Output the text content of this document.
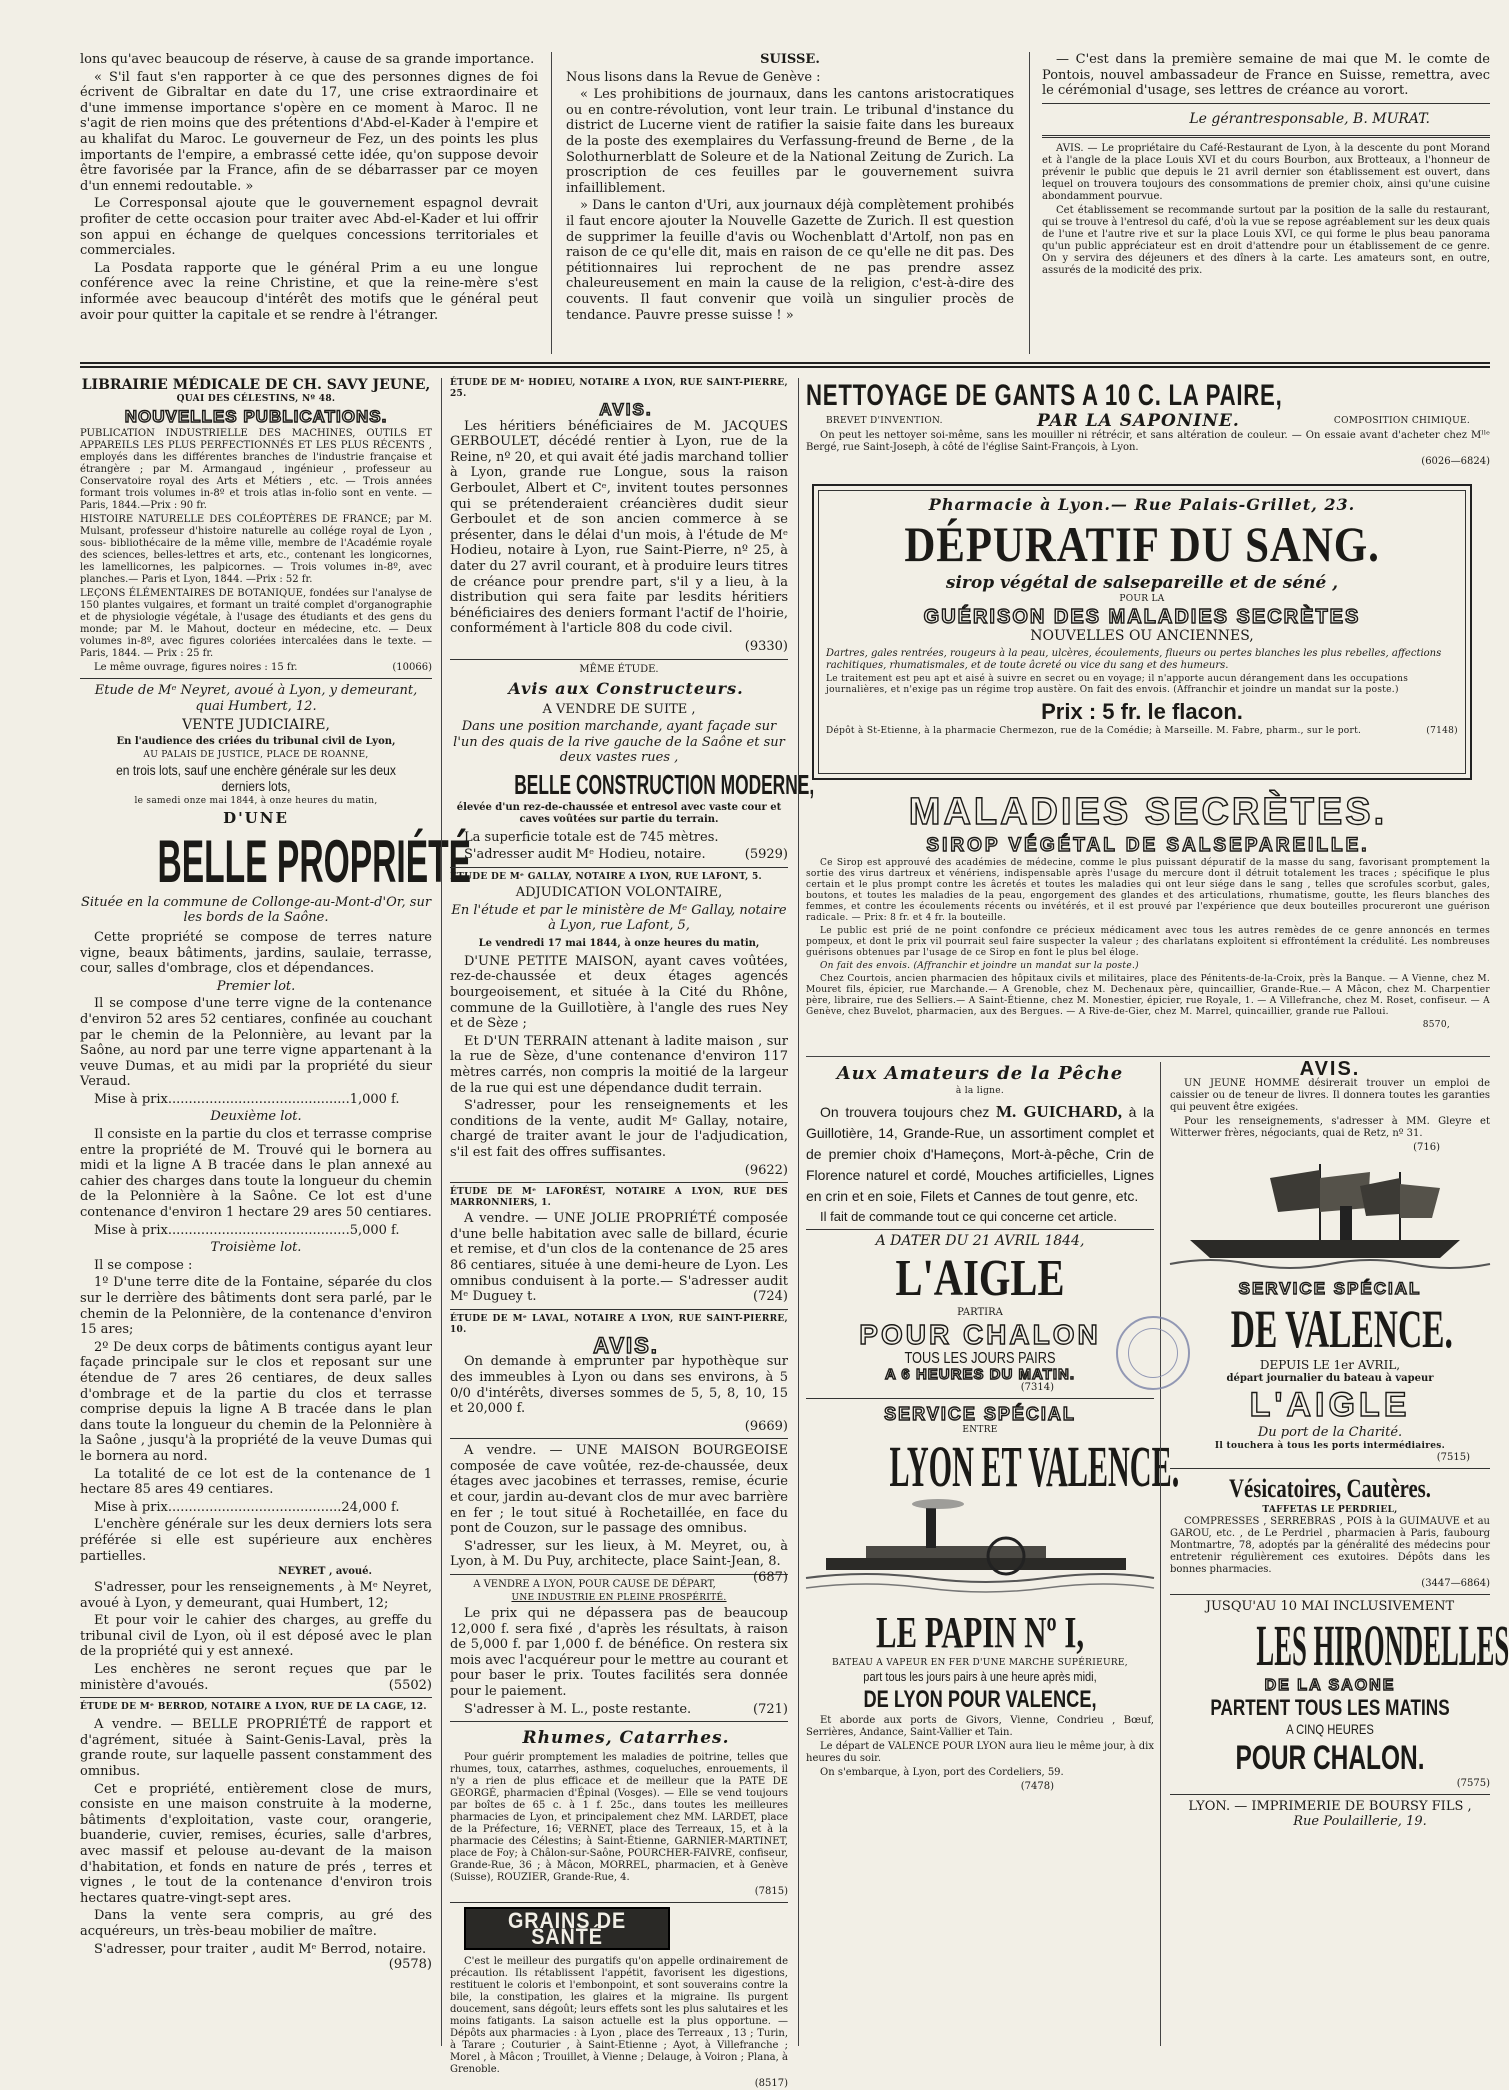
lons qu'avec beaucoup de réserve, à cause de sa grande importance.

« S'il faut s'en rapporter à ce que des personnes dignes de foi écrivent de Gibraltar en date du 17, une crise extraordinaire et d'une immense importance s'opère en ce moment à Maroc. Il ne s'agit de rien moins que des prétentions d'Abd-el-Kader à l'empire et au khalifat du Maroc. Le gouverneur de Fez, un des points les plus importants de l'empire, a embrassé cette idée, qu'on suppose devoir être favorisée par la France, afin de se débarrasser par ce moyen d'un ennemi redoutable. »

Le Corresponsal ajoute que le gouvernement espagnol devrait profiter de cette occasion pour traiter avec Abd-el-Kader et lui offrir son appui en échange de quelques concessions territoriales et commerciales.

La Posdata rapporte que le général Prim a eu une longue conférence avec la reine Christine, et que la reine-mère s'est informée avec beaucoup d'intérêt des motifs que le général peut avoir pour quitter la capitale et se rendre à l'étranger.

SUISSE.

Nous lisons dans la Revue de Genève :

« Les prohibitions de journaux, dans les cantons aristocratiques ou en contre-révolution, vont leur train. Le tribunal d'instance du district de Lucerne vient de ratifier la saisie faite dans les bureaux de la poste des exemplaires du Verfassung-freund de Berne , de la Solothurnerblatt de Soleure et de la National Zeitung de Zurich. La proscription de ces feuilles par le gouvernement suivra infailliblement.

» Dans le canton d'Uri, aux journaux déjà complètement prohibés il faut encore ajouter la Nouvelle Gazette de Zurich. Il est question de supprimer la feuille d'avis ou Wochenblatt d'Artolf, non pas en raison de ce qu'elle dit, mais en raison de ce qu'elle ne dit pas. Des pétitionnaires lui reprochent de ne pas prendre assez chaleureusement en main la cause de la religion, c'est-à-dire des couvents. Il faut convenir que voilà un singulier procès de tendance. Pauvre presse suisse ! »

— C'est dans la première semaine de mai que M. le comte de Pontois, nouvel ambassadeur de France en Suisse, remettra, avec le cérémonial d'usage, ses lettres de créance au vorort.

Le gérantresponsable, B. MURAT.

AVIS. — Le propriétaire du Café-Restaurant de Lyon, à la descente du pont Morand et à l'angle de la place Louis XVI et du cours Bourbon, aux Brotteaux, a l'honneur de prévenir le public que depuis le 21 avril dernier son établissement est ouvert, dans lequel on trouvera toujours des consommations de premier choix, ainsi qu'une cuisine abondamment pourvue.

Cet établissement se recommande surtout par la position de la salle du restaurant, qui se trouve à l'entresol du café, d'où la vue se repose agréablement sur les deux quais de l'une et l'autre rive et sur la place Louis XVI, ce qui forme le plus beau panorama qu'un public appréciateur est en droit d'attendre pour un établissement de ce genre. On y servira des déjeuners et des dîners à la carte. Les amateurs sont, en outre, assurés de la modicité des prix.

LIBRAIRIE MÉDICALE DE CH. SAVY JEUNE,
QUAI DES CÉLESTINS, Nº 48.
NOUVELLES PUBLICATIONS.

PUBLICATION INDUSTRIELLE DES MACHINES, OUTILS ET APPAREILS LES PLUS PERFECTIONNÉS ET LES PLUS RÉCENTS , employés dans les différentes branches de l'industrie française et étrangère ; par M. Armangaud , ingénieur , professeur au Conservatoire royal des Arts et Métiers , etc. — Trois années formant trois volumes in-8º et trois atlas in-folio sont en vente. — Paris, 1844.—Prix : 90 fr.

HISTOIRE NATURELLE DES COLÉOPTÈRES DE FRANCE; par M. Mulsant, professeur d'histoire naturelle au collége royal de Lyon , sous- bibliothécaire de la même ville, membre de l'Académie royale des sciences, belles-lettres et arts, etc., contenant les longicornes, les lamellicornes, les palpicornes. — Trois volumes in-8º, avec planches.— Paris et Lyon, 1844. —Prix : 52 fr.

LEÇONS ÉLÉMENTAIRES DE BOTANIQUE, fondées sur l'analyse de 150 plantes vulgaires, et formant un traité complet d'organographie et de physiologie végétale, à l'usage des étudiants et des gens du monde; par M. le Mahout, docteur en médecine, etc. — Deux volumes in-8º, avec figures coloriées intercalées dans le texte. — Paris, 1844. — Prix : 25 fr.

Le même ouvrage, figures noires : 15 fr.	(10066)

Etude de Mᵉ Neyret, avoué à Lyon, y demeurant, quai Humbert, 12.

VENTE JUDICIAIRE,

En l'audience des criées du tribunal civil de Lyon,

AU PALAIS DE JUSTICE, PLACE DE ROANNE,

en trois lots, sauf une enchère générale sur les deux derniers lots,

le samedi onze mai 1844, à onze heures du matin,

D'UNE

BELLE PROPRIÉTÉ

Située en la commune de Collonge-au-Mont-d'Or, sur les bords de la Saône.

Cette propriété se compose de terres nature vigne, beaux bâtiments, jardins, saulaie, terrasse, cour, salles d'ombrage, clos et dépendances.

Premier lot.

Il se compose d'une terre vigne de la contenance d'environ 52 ares 52 centiares, confinée au couchant par le chemin de la Pelonnière, au levant par la Saône, au nord par une terre vigne appartenant à la veuve Dumas, et au midi par la propriété du sieur Veraud.

Mise à prix............................................1,000 f.

Deuxième lot.

Il consiste en la partie du clos et terrasse comprise entre la propriété de M. Trouvé qui le bornera au midi et la ligne A B tracée dans le plan annexé au cahier des charges dans toute la longueur du chemin de la Pelonnière à la Saône. Ce lot est d'une contenance d'environ 1 hectare 29 ares 50 centiares.

Mise à prix............................................5,000 f.

Troisième lot.

Il se compose :

1º D'une terre dite de la Fontaine, séparée du clos sur le derrière des bâtiments dont sera parlé, par le chemin de la Pelonnière, de la contenance d'environ 15 ares;

2º De deux corps de bâtiments contigus ayant leur façade principale sur le clos et reposant sur une étendue de 7 ares 26 centiares, de deux salles d'ombrage et de la partie du clos et terrasse comprise depuis la ligne A B tracée dans le plan dans toute la longueur du chemin de la Pelonnière à la Saône , jusqu'à la propriété de la veuve Dumas qui le bornera au nord.

La totalité de ce lot est de la contenance de 1 hectare 85 ares 49 centiares.

Mise à prix..........................................24,000 f.

L'enchère générale sur les deux derniers lots sera préférée si elle est supérieure aux enchères partielles.

NEYRET , avoué.

S'adresser, pour les renseignements , à Mᵉ Neyret, avoué à Lyon, y demeurant, quai Humbert, 12;

Et pour voir le cahier des charges, au greffe du tribunal civil de Lyon, où il est déposé avec le plan de la propriété qui y est annexé.

Les enchères ne seront reçues que par le ministère d'avoués.	(5502)

ÉTUDE DE Mᵉ BERROD, NOTAIRE A LYON, RUE DE LA CAGE, 12.

A vendre. — BELLE PROPRIÉTÉ de rapport et d'agrément, située à Saint-Genis-Laval, près la grande route, sur laquelle passent constamment des omnibus.

Cet e propriété, entièrement close de murs, consiste en une maison construite à la moderne, bâtiments d'exploitation, vaste cour, orangerie, buanderie, cuvier, remises, écuries, salle d'arbres, avec massif et pelouse au-devant de la maison d'habitation, et fonds en nature de prés , terres et vignes , le tout de la contenance d'environ trois hectares quatre-vingt-sept ares.

Dans la vente sera compris, au gré des acquéreurs, un très-beau mobilier de maître.

S'adresser, pour traiter , audit Mᵉ Berrod, notaire.
(9578)

ÉTUDE DE Mᵉ HODIEU, NOTAIRE A LYON, RUE SAINT-PIERRE, 25.

AVIS.

Les héritiers bénéficiaires de M. JACQUES GERBOULET, décédé rentier à Lyon, rue de la Reine, nº 20, et qui avait été jadis marchand tollier à Lyon, grande rue Longue, sous la raison Gerboulet, Albert et Cᵉ, invitent toutes personnes qui se prétenderaient créancières dudit sieur Gerboulet et de son ancien commerce à se présenter, dans le délai d'un mois, à l'étude de Mᵉ Hodieu, notaire à Lyon, rue Saint-Pierre, nº 25, à dater du 27 avril courant, et à produire leurs titres de créance pour prendre part, s'il y a lieu, à la distribution qui sera faite par lesdits héritiers bénéficiaires des deniers formant l'actif de l'hoirie, conformément à l'article 808 du code civil.

(9330)

MÊME ÉTUDE.

Avis aux Constructeurs.

A VENDRE DE SUITE ,

Dans une position marchande, ayant façade sur l'un des quais de la rive gauche de la Saône et sur deux vastes rues ,

BELLE CONSTRUCTION MODERNE,

élevée d'un rez-de-chaussée et entresol avec vaste cour et caves voûtées sur partie du terrain.

La superficie totale est de 745 mètres.

S'adresser audit Mᵉ Hodieu, notaire.	(5929)

ÉTUDE DE Mᵉ GALLAY, NOTAIRE A LYON, RUE LAFONT, 5.

ADJUDICATION VOLONTAIRE,

En l'étude et par le ministère de Mᵉ Gallay, notaire à Lyon, rue Lafont, 5,

Le vendredi 17 mai 1844, à onze heures du matin,

D'UNE PETITE MAISON, ayant caves voûtées, rez-de-chaussée et deux étages agencés bourgeoisement, et située à la Cité du Rhône, commune de la Guillotière, à l'angle des rues Ney et de Sèze ;

Et D'UN TERRAIN attenant à ladite maison , sur la rue de Sèze, d'une contenance d'environ 117 mètres carrés, non compris la moitié de la largeur de la rue qui est une dépendance dudit terrain.

S'adresser, pour les renseignements et les conditions de la vente, audit Mᵉ Gallay, notaire, chargé de traiter avant le jour de l'adjudication, s'il est fait des offres suffisantes.

(9622)

ÉTUDE DE Mᵉ LAFORÉST, NOTAIRE A LYON, RUE DES MARRONNIERS, 1.

A vendre. — UNE JOLIE PROPRIÉTÉ composée d'une belle habitation avec salle de billard, écurie et remise, et d'un clos de la contenance de 25 ares 86 centiares, située à une demi-heure de Lyon. Les omnibus conduisent à la porte.— S'adresser audit Mᵉ Duguey t.	(724)

ÉTUDE DE Mᵉ LAVAL, NOTAIRE A LYON, RUE SAINT-PIERRE, 10.

AVIS.

On demande à emprunter par hypothèque sur des immeubles à Lyon ou dans ses environs, à 5 0/0 d'intérêts, diverses sommes de 5, 5, 8, 10, 15 et 20,000 f.

(9669)

A vendre. — UNE MAISON BOURGEOISE composée de cave voûtée, rez-de-chaussée, deux étages avec jacobines et terrasses, remise, écurie et cour, jardin au-devant clos de mur avec barrière en fer ; le tout situé à Rochetaillée, en face du pont de Couzon, sur le passage des omnibus.

S'adresser, sur les lieux, à M. Meyret, ou, à Lyon, à M. Du Puy, architecte, place Saint-Jean, 8.
(687)

A VENDRE A LYON, POUR CAUSE DE DÉPART,

UNE INDUSTRIE EN PLEINE PROSPÉRITÉ.

Le prix qui ne dépassera pas de beaucoup 12,000 f. sera fixé , d'après les résultats, à raison de 5,000 f. par 1,000 f. de bénéfice. On restera six mois avec l'acquéreur pour le mettre au courant et pour baser le prix. Toutes facilités sera donnée pour le paiement.

S'adresser à M. L., poste restante.	(721)

Rhumes, Catarrhes.

Pour guérir promptement les maladies de poitrine, telles que rhumes, toux, catarrhes, asthmes, coqueluches, enrouements, il n'y a rien de plus efficace et de meilleur que la PATE DE GEORGÉ, pharmacien d'Épinal (Vosges). — Elle se vend toujours par boîtes de 65 c. à 1 f. 25c., dans toutes les meilleures pharmacies de Lyon, et principalement chez MM. LARDET, place de la Préfecture, 16; VERNET, place des Terreaux, 15, et à la pharmacie des Célestins; à Saint-Étienne, GARNIER-MARTINET, place de Foy; à Châlon-sur-Saône, POURCHER-FAIVRE, confiseur, Grande-Rue, 36 ; à Mâcon, MORREL, pharmacien, et à Genève (Suisse), ROUZIER, Grande-Rue, 4.

(7815)

GRAINS DE SANTÉ

C'est le meilleur des purgatifs qu'on appelle ordinairement de précaution. Ils rétablissent l'appétit, favorisent les digestions, restituent le coloris et l'embonpoint, et sont souverains contre la bile, la constipation, les glaires et la migraine. Ils purgent doucement, sans dégoût; leurs effets sont les plus salutaires et les moins fatigants. La saison actuelle est la plus opportune. — Dépôts aux pharmacies : à Lyon , place des Terreaux , 13 ; Turin, à Tarare ; Couturier , à Saint-Etienne ; Ayot, à Villefranche ; Morel , à Mâcon ; Trouillet, à Vienne ; Delauge, à Voiron ; Plana, à Grenoble.

(8517)

NETTOYAGE DE GANTS A 10 C. LA PAIRE,
BREVET D'INVENTION.	PAR LA SAPONINE.	COMPOSITION CHIMIQUE.

On peut les nettoyer soi-même, sans les mouiller ni rétrécir, et sans altération de couleur. — On essaie avant d'acheter chez Mˡˡᵉ Bergé, rue Saint-Joseph, à côté de l'église Saint-François, à Lyon.

(6026—6824)

Pharmacie à Lyon.— Rue Palais-Grillet, 23.
DÉPURATIF DU SANG.
sirop végétal de salsepareille et de séné ,
POUR LA
GUÉRISON DES MALADIES SECRÈTES
NOUVELLES OU ANCIENNES,

Dartres, gales rentrées, rougeurs à la peau, ulcères, écoulements, flueurs ou pertes blanches les plus rebelles, affections rachitiques, rhumatismales, et de toute âcreté ou vice du sang et des humeurs.

Le traitement est peu apt et aisé à suivre en secret ou en voyage; il n'apporte aucun dérangement dans les occupations journalières, et n'exige pas un régime trop austère. On fait des envois. (Affranchir et joindre un mandat sur la poste.)

Prix : 5 fr. le flacon.

Dépôt à St-Etienne, à la pharmacie Chermezon, rue de la Comédie; à Marseille. M. Fabre, pharm., sur le port.	(7148)

MALADIES SECRÈTES.
SIROP VÉGÉTAL DE SALSEPAREILLE.

Ce Sirop est approuvé des académies de médecine, comme le plus puissant dépuratif de la masse du sang, favorisant promptement la sortie des virus dartreux et vénériens, indispensable après l'usage du mercure dont il détruit totalement les traces ; spécifique le plus certain et le plus prompt contre les âcretés et toutes les maladies qui ont leur siége dans le sang , telles que scrofules scorbut, gales, boutons, et toutes les maladies de la peau, engorgement des glandes et des articulations, rhumatisme, goutte, les fleurs blanches des femmes, et contre les écoulements récents ou invétérés, et il est prouvé par l'expérience que deux bouteilles procureront une guérison radicale. — Prix: 8 fr. et 4 fr. la bouteille.

Le public est prié de ne point confondre ce précieux médicament avec tous les autres remèdes de ce genre annoncés en termes pompeux, et dont le prix vil pourrait seul faire suspecter la valeur ; des charlatans exploitent si effrontément la crédulité. Les nombreuses guérisons obtenues par l'usage de ce Sirop en font le plus bel éloge.

On fait des envois. (Affranchir et joindre un mandat sur la poste.)

Chez Courtois, ancien pharmacien des hôpitaux civils et militaires, place des Pénitents-de-la-Croix, près la Banque. — A Vienne, chez M. Mouret fils, épicier, rue Marchande.— A Grenoble, chez M. Dechenaux père, quincaillier, Grande-Rue.— A Mâcon, chez M. Charpentier père, libraire, rue des Selliers.— A Saint-Étienne, chez M. Monestier, épicier, rue Royale, 1. — A Villefranche, chez M. Roset, confiseur. — A Genève, chez Buvelot, pharmacien, aux des Bergues. — A Rive-de-Gier, chez M. Marrel, quincaillier, grande rue Palloui.

8570,

Aux Amateurs de la Pêche
à la ligne.

On trouvera toujours chez M. GUICHARD, à la Guillotière, 14, Grande-Rue, un assortiment complet et de premier choix d'Hameçons, Mort-à-pêche, Crin de Florence naturel et cordé, Mouches artificielles, Lignes en crin et en soie, Filets et Cannes de tout genre, etc.

Il fait de commande tout ce qui concerne cet article.

A DATER DU 21 AVRIL 1844,

L'AIGLE
PARTIRA
POUR CHALON
TOUS LES JOURS PAIRS
A 6 HEURES DU MATIN.

(7314)

SERVICE SPÉCIAL
ENTRE
LYON ET VALENCE.
LE PAPIN Nº I,
BATEAU A VAPEUR EN FER D'UNE MARCHE SUPÉRIEURE,
part tous les jours pairs à une heure après midi,
DE LYON POUR VALENCE,

Et aborde aux ports de Givors, Vienne, Condrieu , Bœuf, Serrières, Andance, Saint-Vallier et Tain.

Le départ de VALENCE POUR LYON aura lieu le même jour, à dix heures du soir.

On s'embarque, à Lyon, port des Cordeliers, 59.

(7478)

AVIS.

UN JEUNE HOMME désirerait trouver un emploi de caissier ou de teneur de livres. Il donnera toutes les garanties qui peuvent être exigées.

Pour les renseignements, s'adresser à MM. Gleyre et Witterwer frères, négociants, quai de Retz, nº 31.

(716)

SERVICE SPÉCIAL
DE VALENCE.
DEPUIS LE 1er AVRIL,
départ journalier du bateau à vapeur
L'AIGLE
Du port de la Charité.
Il touchera à tous les ports intermédiaires.

(7515)

Vésicatoires, Cautères.
TAFFETAS LE PERDRIEL,

COMPRESSES , SERREBRAS , POIS à la GUIMAUVE et au GAROU, etc. , de Le Perdriel , pharmacien à Paris, faubourg Montmartre, 78, adoptés par la généralité des médecins pour entretenir régulièrement ces exutoires. Dépôts dans les bonnes pharmacies.

(3447—6864)

JUSQU'AU 10 MAI INCLUSIVEMENT
LES HIRONDELLES
DE LA SAONE
PARTENT TOUS LES MATINS
A CINQ HEURES
POUR CHALON.

(7575)

LYON. — IMPRIMERIE DE BOURSY FILS ,
Rue Poulaillerie, 19.
